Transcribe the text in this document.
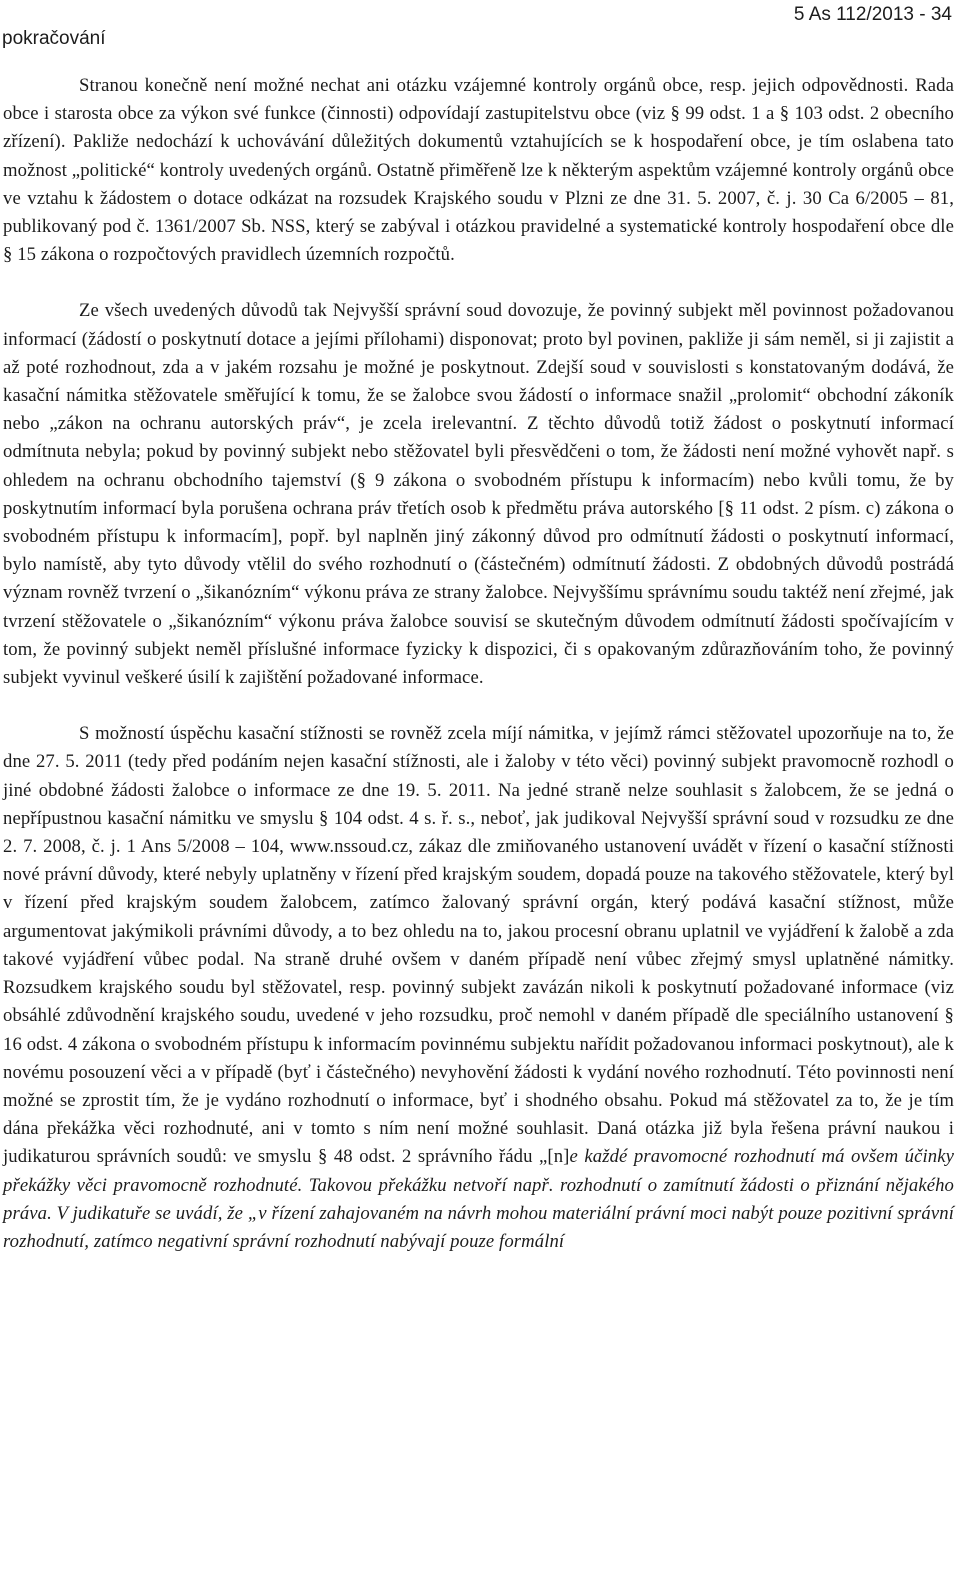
pokračování
5 As 112/2013 - 34

Stranou konečně není možné nechat ani otázku vzájemné kontroly orgánů obce, resp. jejich odpovědnosti. Rada obce i starosta obce za výkon své funkce (činnosti) odpovídají zastupitelstvu obce (viz § 99 odst. 1 a § 103 odst. 2 obecního zřízení). Pakliže nedochází k uchovávání důležitých dokumentů vztahujících se k hospodaření obce, je tím oslabena tato možnost „politické“ kontroly uvedených orgánů. Ostatně přiměřeně lze k některým aspektům vzájemné kontroly orgánů obce ve vztahu k žádostem o dotace odkázat na rozsudek Krajského soudu v Plzni ze dne 31. 5. 2007, č. j. 30 Ca 6/2005 – 81, publikovaný pod č. 1361/2007 Sb. NSS, který se zabýval i otázkou pravidelné a systematické kontroly hospodaření obce dle § 15 zákona o rozpočtových pravidlech územních rozpočtů.

Ze všech uvedených důvodů tak Nejvyšší správní soud dovozuje, že povinný subjekt měl povinnost požadovanou informací (žádostí o poskytnutí dotace a jejími přílohami) disponovat; proto byl povinen, pakliže ji sám neměl, si ji zajistit a až poté rozhodnout, zda a v jakém rozsahu je možné je poskytnout. Zdejší soud v souvislosti s konstatovaným dodává, že kasační námitka stěžovatele směřující k tomu, že se žalobce svou žádostí o informace snažil „prolomit“ obchodní zákoník nebo „zákon na ochranu autorských práv“, je zcela irelevantní. Z těchto důvodů totiž žádost o poskytnutí informací odmítnuta nebyla; pokud by povinný subjekt nebo stěžovatel byli přesvědčeni o tom, že žádosti není možné vyhovět např. s ohledem na ochranu obchodního tajemství (§ 9 zákona o svobodném přístupu k informacím) nebo kvůli tomu, že by poskytnutím informací byla porušena ochrana práv třetích osob k předmětu práva autorského [§ 11 odst. 2 písm. c) zákona o svobodném přístupu k informacím], popř. byl naplněn jiný zákonný důvod pro odmítnutí žádosti o poskytnutí informací, bylo namístě, aby tyto důvody vtělil do svého rozhodnutí o (částečném) odmítnutí žádosti. Z obdobných důvodů postrádá význam rovněž tvrzení o „šikanózním“ výkonu práva ze strany žalobce. Nejvyššímu správnímu soudu taktéž není zřejmé, jak tvrzení stěžovatele o „šikanózním“ výkonu práva žalobce souvisí se skutečným důvodem odmítnutí žádosti spočívajícím v tom, že povinný subjekt neměl příslušné informace fyzicky k dispozici, či s opakovaným zdůrazňováním toho, že povinný subjekt vyvinul veškeré úsilí k zajištění požadované informace.

S možností úspěchu kasační stížnosti se rovněž zcela míjí námitka, v jejímž rámci stěžovatel upozorňuje na to, že dne 27. 5. 2011 (tedy před podáním nejen kasační stížnosti, ale i žaloby v této věci) povinný subjekt pravomocně rozhodl o jiné obdobné žádosti žalobce o informace ze dne 19. 5. 2011. Na jedné straně nelze souhlasit s žalobcem, že se jedná o nepřípustnou kasační námitku ve smyslu § 104 odst. 4 s. ř. s., neboť, jak judikoval Nejvyšší správní soud v rozsudku ze dne 2. 7. 2008, č. j. 1 Ans 5/2008 – 104, www.nssoud.cz, zákaz dle zmiňovaného ustanovení uvádět v řízení o kasační stížnosti nové právní důvody, které nebyly uplatněny v řízení před krajským soudem, dopadá pouze na takového stěžovatele, který byl v řízení před krajským soudem žalobcem, zatímco žalovaný správní orgán, který podává kasační stížnost, může argumentovat jakýmikoli právními důvody, a to bez ohledu na to, jakou procesní obranu uplatnil ve vyjádření k žalobě a zda takové vyjádření vůbec podal. Na straně druhé ovšem v daném případě není vůbec zřejmý smysl uplatněné námitky. Rozsudkem krajského soudu byl stěžovatel, resp. povinný subjekt zavázán nikoli k poskytnutí požadované informace (viz obsáhlé zdůvodnění krajského soudu, uvedené v jeho rozsudku, proč nemohl v daném případě dle speciálního ustanovení § 16 odst. 4 zákona o svobodném přístupu k informacím povinnému subjektu nařídit požadovanou informaci poskytnout), ale k novému posouzení věci a v případě (byť i částečného) nevyhovění žádosti k vydání nového rozhodnutí. Této povinnosti není možné se zprostit tím, že je vydáno rozhodnutí o informace, byť i shodného obsahu. Pokud má stěžovatel za to, že je tím dána překážka věci rozhodnuté, ani v tomto s ním není možné souhlasit. Daná otázka již byla řešena právní naukou i judikaturou správních soudů: ve smyslu § 48 odst. 2 správního řádu „[n]e každé pravomocné rozhodnutí má ovšem účinky překážky věci pravomocně rozhodnuté. Takovou překážku netvoří např. rozhodnutí o zamítnutí žádosti o přiznání nějakého práva. V judikatuře se uvádí, že „v řízení zahajovaném na návrh mohou materiální právní moci nabýt pouze pozitivní správní rozhodnutí, zatímco negativní správní rozhodnutí nabývají pouze formální
